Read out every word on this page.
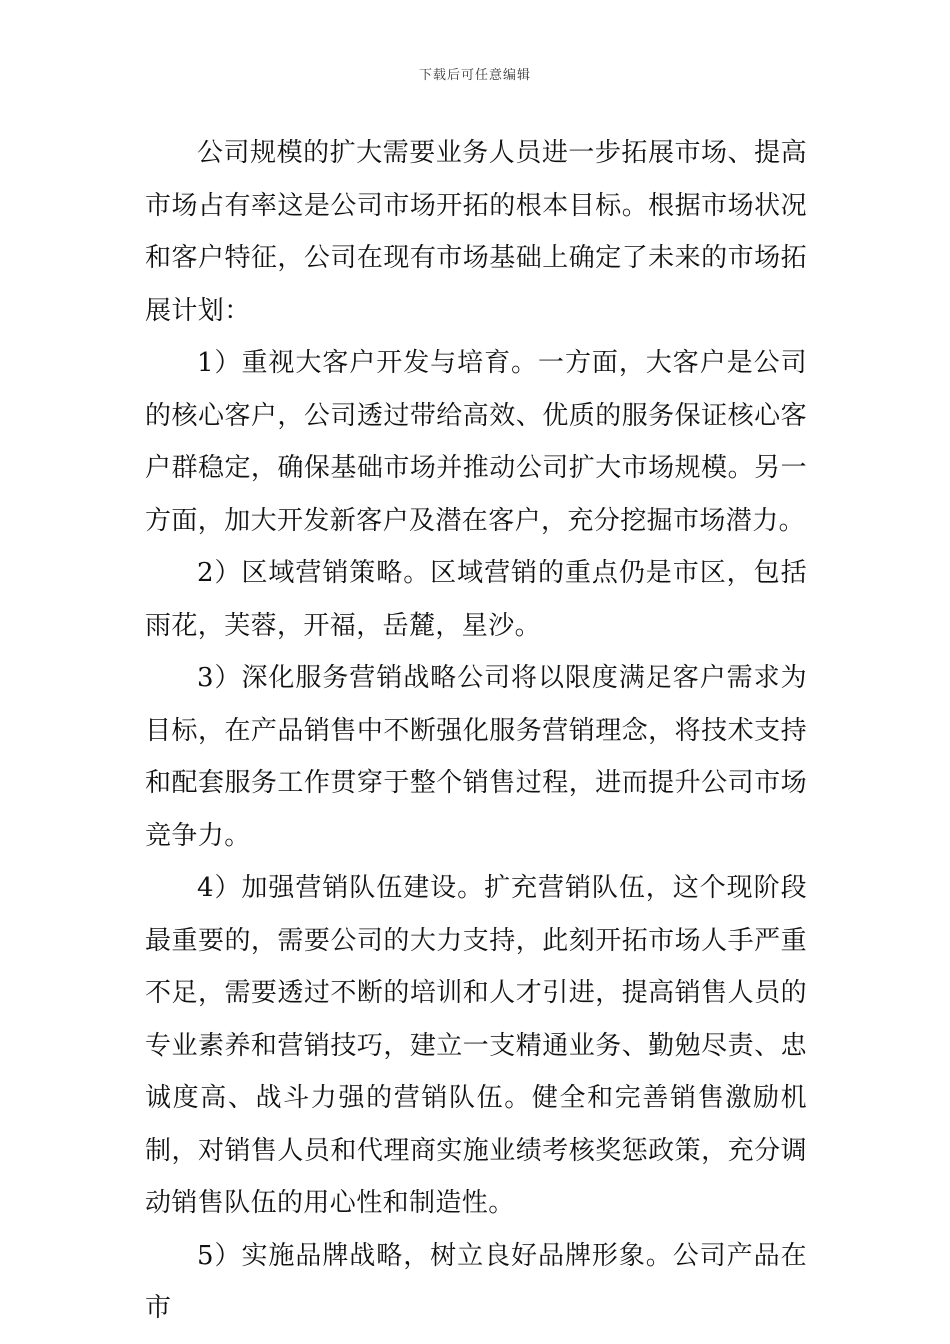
下载后可任意编辑

公司规模的扩大需要业务人员进一步拓展市场、提高市场占有率这是公司市场开拓的根本目标。根据市场状况和客户特征，公司在现有市场基础上确定了未来的市场拓展计划：

1）重视大客户开发与培育。一方面，大客户是公司的核心客户，公司透过带给高效、优质的服务保证核心客户群稳定，确保基础市场并推动公司扩大市场规模。另一方面，加大开发新客户及潜在客户，充分挖掘市场潜力。

2）区域营销策略。区域营销的重点仍是市区，包括雨花，芙蓉，开福，岳麓，星沙。

3）深化服务营销战略公司将以限度满足客户需求为目标，在产品销售中不断强化服务营销理念，将技术支持和配套服务工作贯穿于整个销售过程，进而提升公司市场竞争力。

4）加强营销队伍建设。扩充营销队伍，这个现阶段最重要的，需要公司的大力支持，此刻开拓市场人手严重不足，需要透过不断的培训和人才引进，提高销售人员的专业素养和营销技巧，建立一支精通业务、勤勉尽责、忠诚度高、战斗力强的营销队伍。健全和完善销售激励机制，对销售人员和代理商实施业绩考核奖惩政策，充分调动销售队伍的用心性和制造性。

5）实施品牌战略，树立良好品牌形象。公司产品在市
